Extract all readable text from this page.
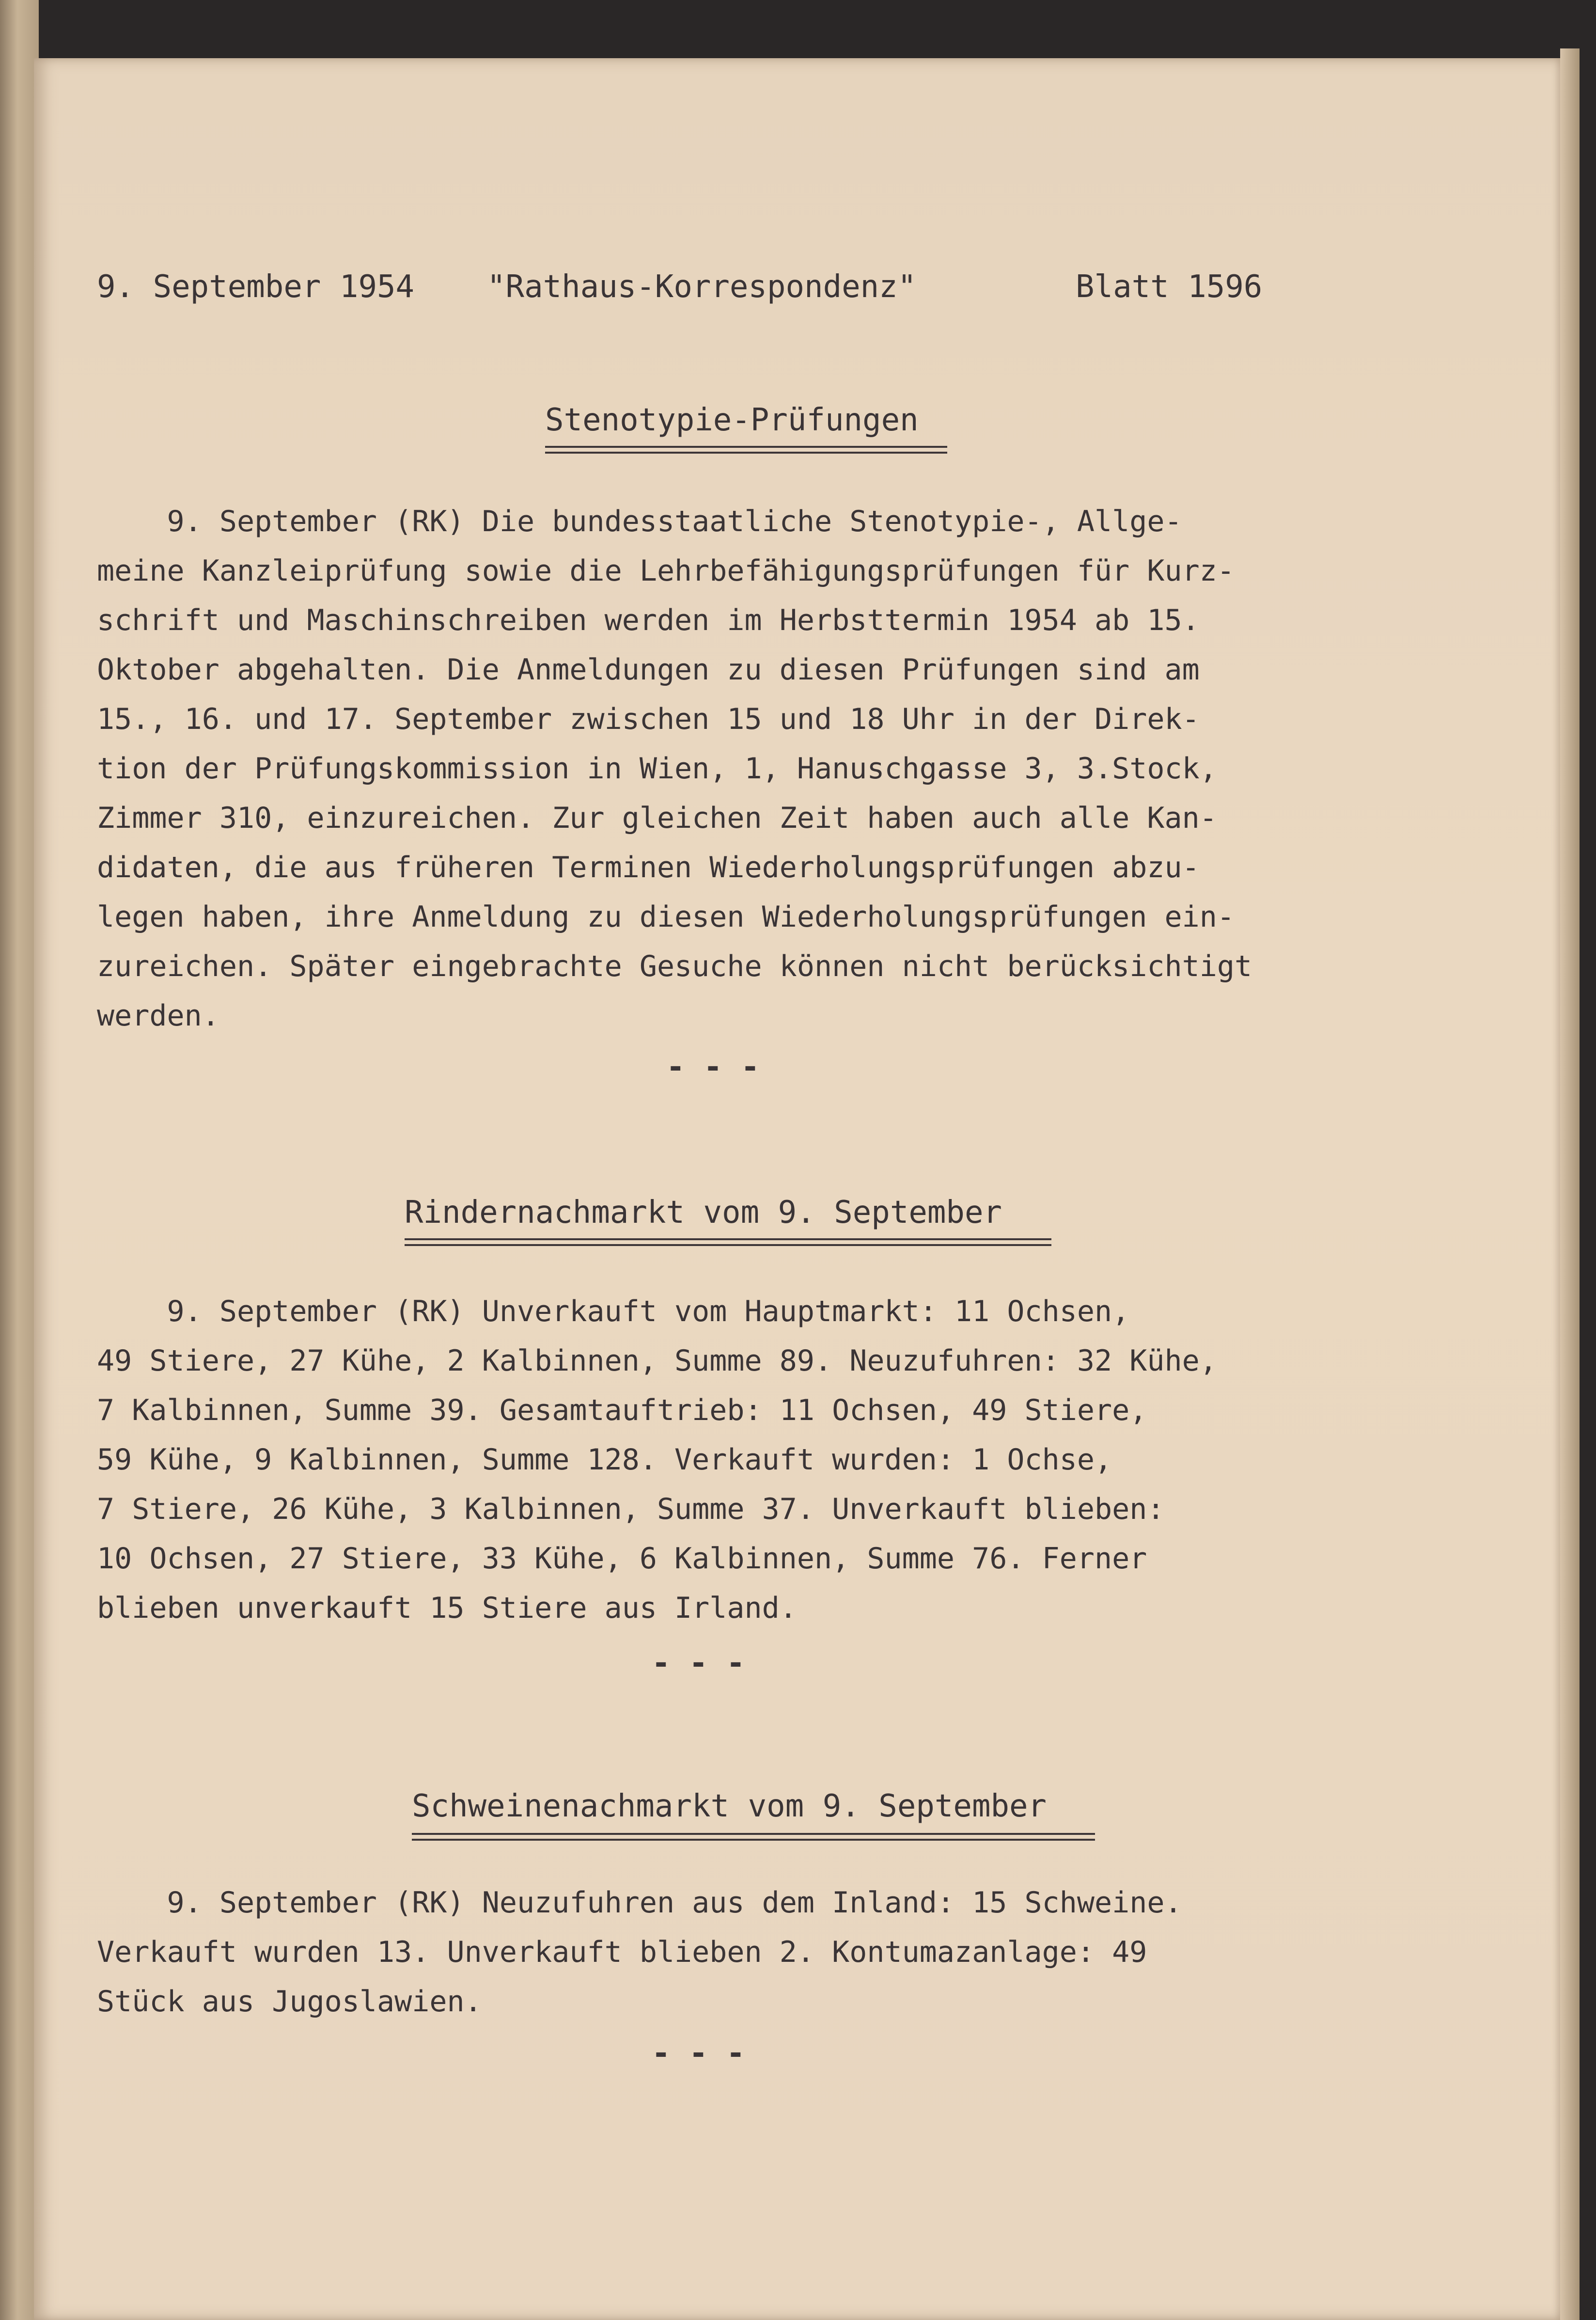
9. September 1954

"Rathaus-Korrespondenz"

	Blatt 1596

Stenotypie-Prüfungen
9. September (RK) Die bundesstaatliche Stenotypie-, Allge-
meine Kanzleiprüfung sowie die Lehrbefähigungsprüfungen für Kurz-
schrift und Maschinschreiben werden im Herbsttermin 1954 ab 15.
Oktober abgehalten. Die Anmeldungen zu diesen Prüfungen sind am
15., 16. und 17. September zwischen 15 und 18 Uhr in der Direk-
tion der Prüfungskommission in Wien, 1, Hanuschgasse 3, 3.Stock,
Zimmer 310, einzureichen. Zur gleichen Zeit haben auch alle Kan-
didaten, die aus früheren Terminen Wiederholungsprüfungen abzu-
legen haben, ihre Anmeldung zu diesen Wiederholungsprüfungen ein-
zureichen. Später eingebrachte Gesuche können nicht berücksichtigt
werden.
- - -
Rindernachmarkt vom 9. September
9. September (RK) Unverkauft vom Hauptmarkt: 11 Ochsen,
49 Stiere, 27 Kühe, 2 Kalbinnen, Summe 89. Neuzufuhren: 32 Kühe,
7 Kalbinnen, Summe 39. Gesamtauftrieb: 11 Ochsen, 49 Stiere,
59 Kühe, 9 Kalbinnen, Summe 128. Verkauft wurden: 1 Ochse,
7 Stiere, 26 Kühe, 3 Kalbinnen, Summe 37. Unverkauft blieben:
10 Ochsen, 27 Stiere, 33 Kühe, 6 Kalbinnen, Summe 76. Ferner
blieben unverkauft 15 Stiere aus Irland.
- - -
Schweinenachmarkt vom 9. September
9. September (RK) Neuzufuhren aus dem Inland: 15 Schweine.
Verkauft wurden 13. Unverkauft blieben 2. Kontumazanlage: 49
Stück aus Jugoslawien.
- - -
